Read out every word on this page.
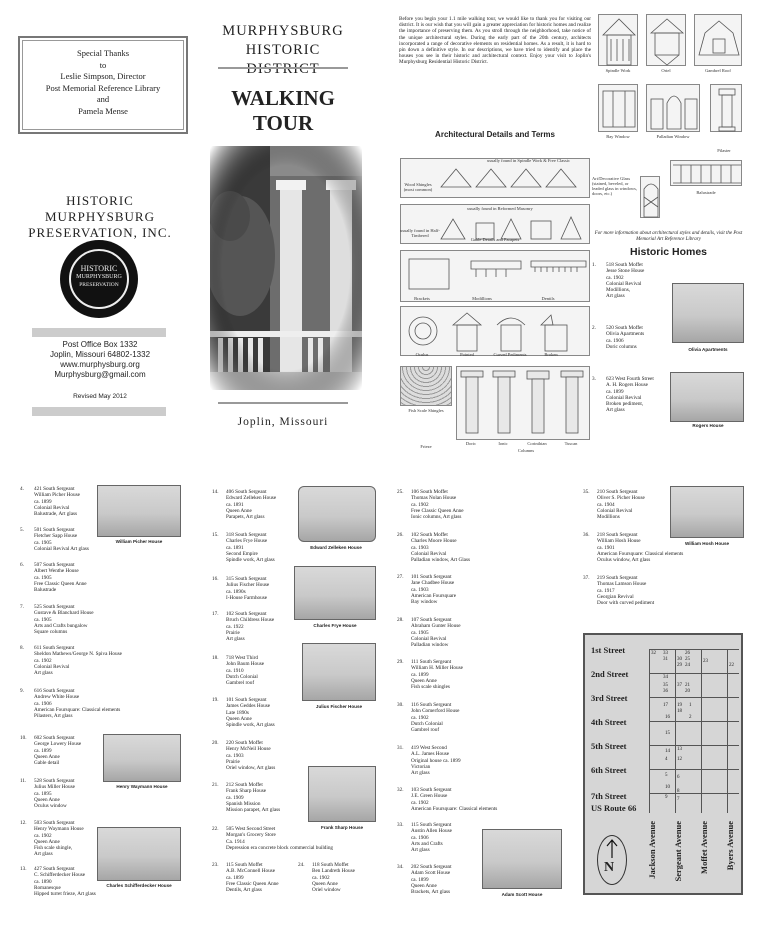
Special Thanks
to
Leslie Simpson, Director
Post Memorial Reference Library
and
Pamela Mense
HISTORIC MURPHYSBURG
PRESERVATION, INC.
HISTORIC
MURPHYSBURG
PRESERVATION
Post Office Box 1332
Joplin, Missouri 64802-1332
www.murphysburg.org
Murphysburg@gmail.com
Revised May 2012
MURPHYSBURG
HISTORIC DISTRICT
WALKING
TOUR
Joplin, Missouri
Before you begin your 1.1 mile walking tour, we would like to thank you for visiting our district. It is our wish that you will gain a greater appreciation for historic homes and realize the importance of preserving them. As you stroll through the neighborhood, take notice of the unique architectural styles. During the early part of the 20th century, architects incorporated a range of decorative elements on residential homes. As a result, it is hard to pin down a definitive style. In our descriptions, we have tried to identify and place the houses you see in their historic and architectural context. Enjoy your visit to Joplin's Murphysburg Residential Historic District.
Architectural Details and Terms
Wood Shingles (most common)
usually found in Spindle Work & Free Classic
usually found in Reformed Masonry
usually found in Half-Timbered
Gable Details and Parapets
Brackets	Modillions	Dentils
Oculus	Pointed	Curved Pediments	Broken
Fish Scale Shingles
Doric	Ionic	Corinthian	Tuscan
Frieze
Columns
Spindle Work	Oriel	Gambrel Roof
Bay Window	Palladian Window
Pilaster
Art/Decorative Glass (stained, beveled, or leaded glass in windows, doors, etc.)	Balustrade
For more information about architectural styles and details, visit the Post Memorial Art Reference Library
Historic Homes
1. 518 South Moffet
Jesse Stone House
ca. 1902
Colonial Revival
Modillions,
Art glass
2. 520 South Moffet
Olivia Apartments
ca. 1906
Doric columns
3. 623 West Fourth Street
A. H. Rogers House
ca. 1899
Colonial Revival
Broken pediment,
Art glass
4. 421 South Sergeant
William Picher House
ca. 1899
Colonial Revival
Balustrade, Art glass
5. 501 South Sergeant
Fletcher Sapp House
ca. 1905
Colonial Revival Art glass
6. 507 South Sergeant
Albert Wenthe House
ca. 1905
Free Classic Queen Anne
Balustrade
7. 525 South Sergeant
Gustave & Blanchard House
ca. 1905
Arts and Crafts bungalow
Square columns
8. 611 South Sergeant
Sheldon Mathews/George N. Spiva House
ca. 1902
Colonial Revival
Art glass
9. 616 South Sergeant
Andrew White House
ca. 1906
American Foursquare: Classical elements
Pilasters, Art glass
10. 602 South Sergeant
George Lowery House
ca. 1899
Queen Anne
Gable detail
11. 528 South Sergeant
Julius Miller House
ca. 1895
Queen Anne
Oculus window
12. 503 South Sergeant
Henry Waymann House
ca. 1902
Queen Anne
Fish scale shingle,
Art glass
13. 427 South Sergeant
C. Schifferdecker House
ca. 1890
Romanesque
Hipped turret frieze, Art glass
14. 406 South Sergeant
Edward Zelleken House
ca. 1891
Queen Anne
Parapets, Art glass
15. 318 South Sergeant
Charles Frye House
ca. 1891
Second Empire
Spindle work, Art glass
16. 315 South Sergeant
Julius Fischer House
ca. 1890s
I-House Farmhouse
17. 102 South Sergeant
Bruch Childress House
ca. 1922
Prairie
Art glass
18. 718 West Third
John Baum House
ca. 1910
Dutch Colonial
Gambrel roof
19. 101 South Sergeant
James Geddes House
Late 1890s
Queen Anne
Spindle work, Art glass
20. 220 South Moffet
Henry McNeil House
ca. 1903
Prairie
Oriel window, Art glass
21. 212 South Moffet
Frank Sharp House
ca. 1909
Spanish Mission
Mission parapet, Art glass
22. 505 West Second Street
Morgan's Grocery Store
Ca. 1914
Depression era concrete block commercial building
23. 115 South Moffet
A.B. McConnell House
ca. 1899
Free Classic Queen Anne
Dentils, Art glass
24. 118 South Moffet
Ben Landreth House
ca. 1902
Queen Anne
Oriel window
25. 106 South Moffet
Thomas Nolan House
ca. 1902
Free Classic Queen Anne
Ionic columns, Art glass
26. 102 South Moffet
Charles Moore House
ca. 1903
Colonial Revival
Palladian window, Art Glass
27. 101 South Sergeant
Jane Chadbee House
ca. 1903
American Foursquare
Bay window
28. 107 South Sergeant
Abraham Gunter House
ca. 1905
Colonial Revival
Palladian window
29. 111 South Sergeant
William H. Miller House
ca. 1899
Queen Anne
Fish scale shingles
30. 116 South Sergeant
John Comerford House
ca. 1902
Dutch Colonial
Gambrel roof
31. 419 West Second
A.L. James House
Original house ca. 1899
Victorian
Art glass
32. 103 South Sergeant
J.E. Green House
ca. 1902
American Foursquare: Classical elements
33. 115 South Sergeant
Austin Allen House
ca. 1906
Arts and Crafts
Art glass
34. 202 South Sergeant
Adam Scott House
ca. 1899
Queen Anne
Brackets, Art glass
35. 210 South Sergeant
Oliver S. Picher House
ca. 1904
Colonial Revival
Modillions
36. 218 South Sergeant
William Hosh House
ca. 1901
American Foursquare: Classical elements
Oculus window, Art glass
37. 219 South Sergeant
Thomas Lamson House
ca. 1917
Georgian Revival
Door with curved pediment
Olivia Apartments
Rogers House
William Picher House
Henry Waymann House
Charles Schifferdecker House
Edward Zelleken House
Charles Frye House
Julius Fischer House
Frank Sharp House
Adam Scott House
William Hosh House
1st Street
2nd Street
3rd Street
4th Street
5th Street
6th Street
7th Street
US Route 66
32 33
31 30
29
26
25
24
23
22
34
35
36
37 21
20
17 19
18
1
16	2
15
14 13
4 12
5
10
6
9
8
7
N	Jackson Avenue Sergeant Avenue Moffet Avenue Byers Avenue
